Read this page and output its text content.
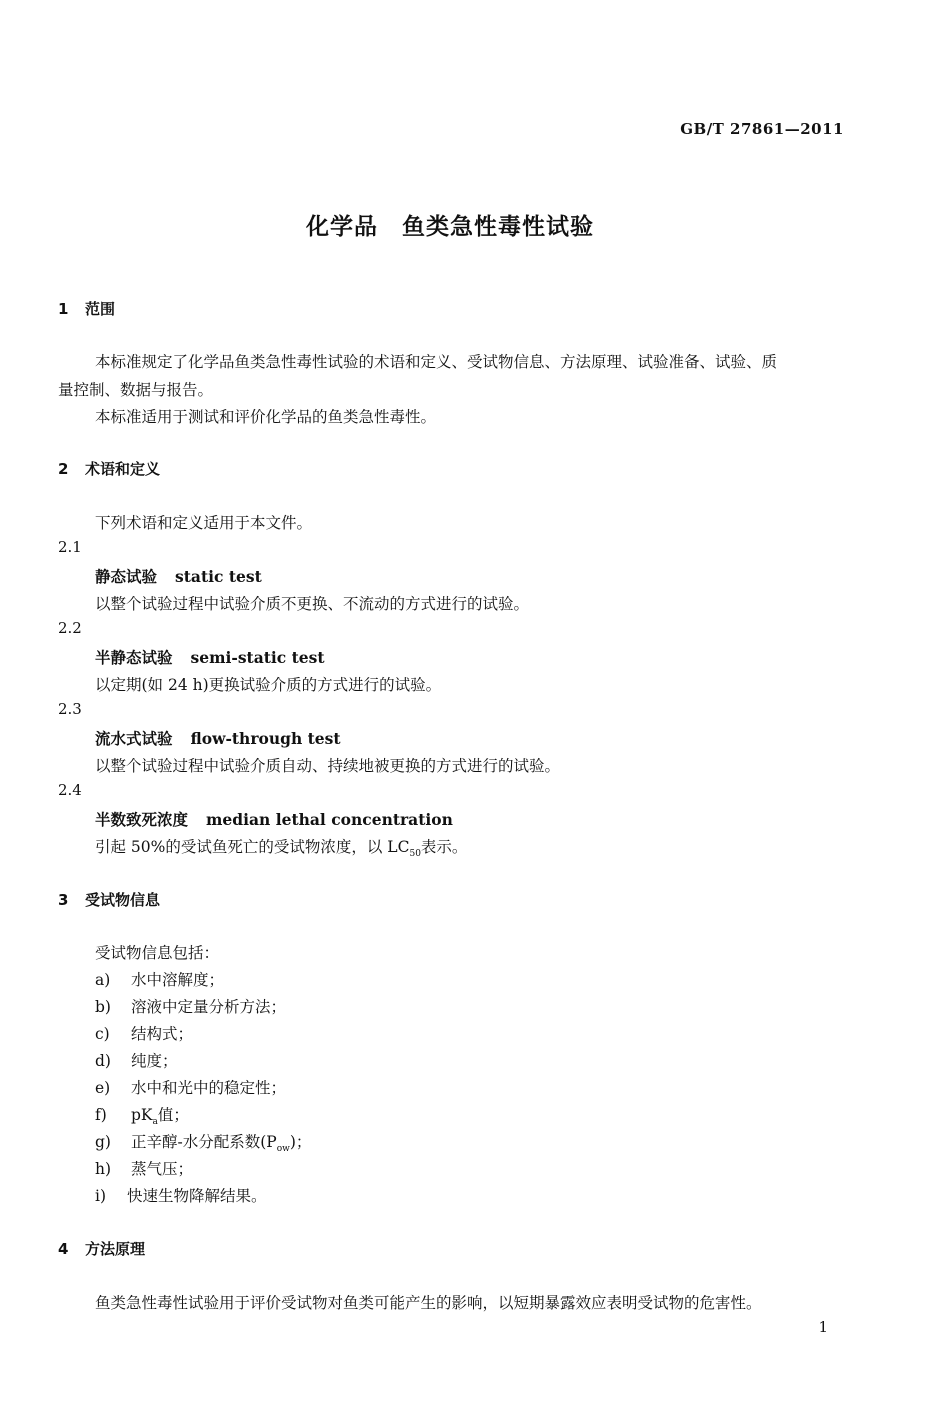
GB/T 27861—2011
化学品　鱼类急性毒性试验
1 范围
本标准规定了化学品鱼类急性毒性试验的术语和定义、受试物信息、方法原理、试验准备、试验、质
量控制、数据与报告。
本标准适用于测试和评价化学品的鱼类急性毒性。
2 术语和定义
下列术语和定义适用于本文件。
2.1
静态试验 static test
以整个试验过程中试验介质不更换、不流动的方式进行的试验。
2.2
半静态试验 semi-static test
以定期(如 24 h)更换试验介质的方式进行的试验。
2.3
流水式试验 flow-through test
以整个试验过程中试验介质自动、持续地被更换的方式进行的试验。
2.4
半数致死浓度 median lethal concentration
引起 50%的受试鱼死亡的受试物浓度，以 $LC_{50}$表示。
3 受试物信息
受试物信息包括：
a) 水中溶解度；
b) 溶液中定量分析方法；
c) 结构式；
d) 纯度；
e) 水中和光中的稳定性；
f) $pK_a$值；
g) 正辛醇-水分配系数$(P_{ow})$；
h) 蒸气压；
i) 快速生物降解结果。
4 方法原理
鱼类急性毒性试验用于评价受试物对鱼类可能产生的影响，以短期暴露效应表明受试物的危害性。
1
